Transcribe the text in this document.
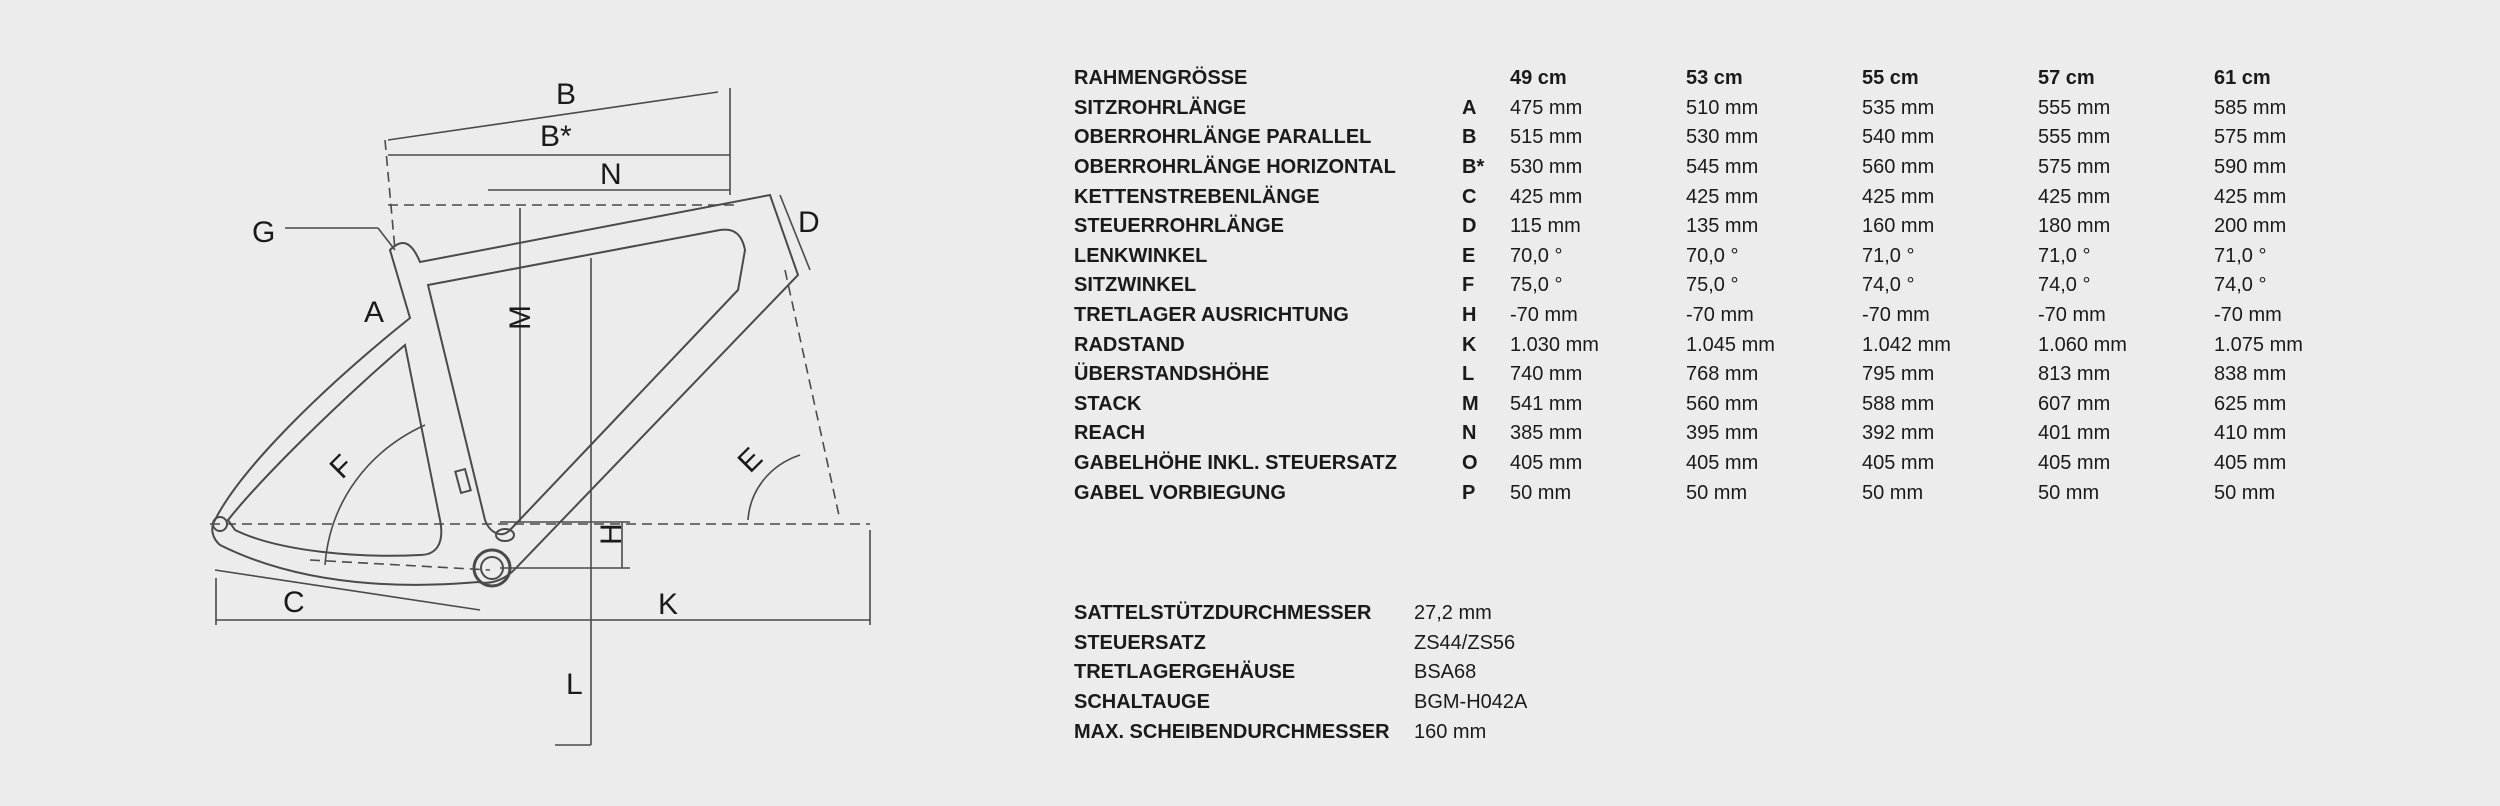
A
B
B*
N
G	D
M
F	E
H
C	K
L
RAHMENGRÖSSE		49 cm	53 cm	55 cm	57 cm	61 cm
SITZROHRLÄNGE	A	475 mm	510 mm	535 mm	555 mm	585 mm
OBERROHRLÄNGE PARALLEL	B	515 mm	530 mm	540 mm	555 mm	575 mm
OBERROHRLÄNGE HORIZONTAL	B*	530 mm	545 mm	560 mm	575 mm	590 mm
KETTENSTREBENLÄNGE	C	425 mm	425 mm	425 mm	425 mm	425 mm
STEUERROHRLÄNGE	D	115 mm	135 mm	160 mm	180 mm	200 mm
LENKWINKEL	E	70,0 °	70,0 °	71,0 °	71,0 °	71,0 °
SITZWINKEL	F	75,0 °	75,0 °	74,0 °	74,0 °	74,0 °
TRETLAGER AUSRICHTUNG	H	-70 mm	-70 mm	-70 mm	-70 mm	-70 mm
RADSTAND	K	1.030 mm	1.045 mm	1.042 mm	1.060 mm	1.075 mm
ÜBERSTANDSHÖHE	L	740 mm	768 mm	795 mm	813 mm	838 mm
STACK	M	541 mm	560 mm	588 mm	607 mm	625 mm
REACH	N	385 mm	395 mm	392 mm	401 mm	410 mm
GABELHÖHE INKL. STEUERSATZ	O	405 mm	405 mm	405 mm	405 mm	405 mm
GABEL VORBIEGUNG	P	50 mm	50 mm	50 mm	50 mm	50 mm
SATTELSTÜTZDURCHMESSER	27,2 mm
STEUERSATZ	ZS44/ZS56
TRETLAGERGEHÄUSE	BSA68
SCHALTAUGE	BGM-H042A
MAX. SCHEIBENDURCHMESSER	160 mm
